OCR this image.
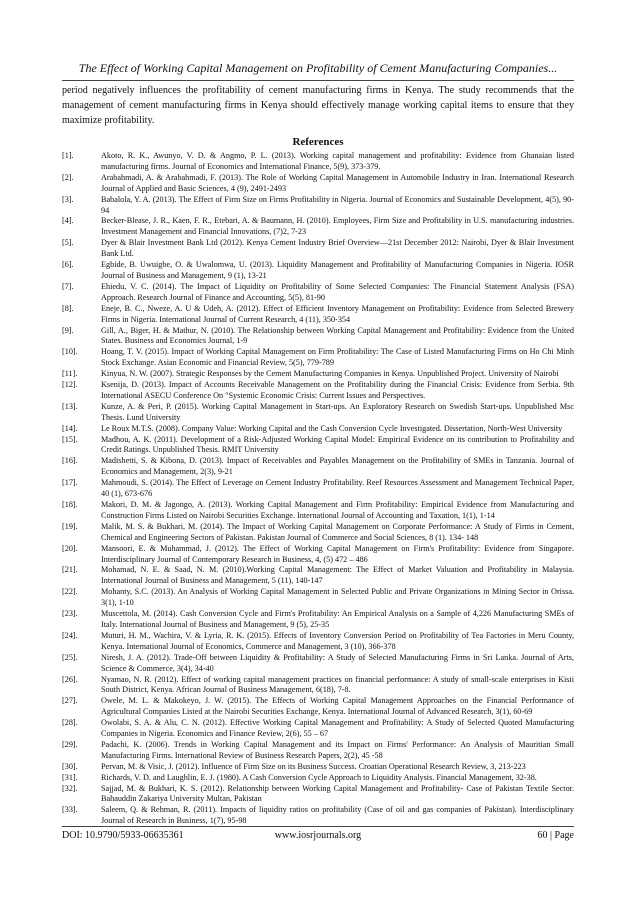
The Effect of Working Capital Management on Profitability of Cement Manufacturing Companies...
period negatively influences the profitability of cement manufacturing firms in Kenya. The study recommends that the management of cement manufacturing firms in Kenya should effectively manage working capital items to ensure that they maximize profitability.
References
[1].	Akoto, R. K., Awunyo, V. D. & Angmo, P. L. (2013). Working capital management and profitability: Evidence from Ghanaian listed manufacturing firms. Journal of Economics and International Finance, 5(9), 373-379.
[2].	Arabahmadi, A. & Arabahmadi, F. (2013). The Role of Working Capital Management in Automobile Industry in Iran. International Research Journal of Applied and Basic Sciences, 4 (9), 2491-2493
[3].	Babalola, Y. A. (2013). The Effect of Firm Size on Firms Profitability in Nigeria. Journal of Economics and Sustainable Development, 4(5), 90-94
[4].	Becker-Blease, J. R., Kaen, F. R., Etebari, A. & Baumann, H. (2010). Employees, Firm Size and Profitability in U.S. manufacturing industries. Investment Management and Financial Innovations, (7)2, 7-23
[5].	Dyer & Blair Investment Bank Ltd (2012). Kenya Cement Industry Brief Overview—21st December 2012: Nairobi, Dyer & Blair Investment Bank Ltd.
[6].	Egbide, B. Uwuigbe, O. & Uwalomwa, U. (2013). Liquidity Management and Profitability of Manufacturing Companies in Nigeria. IOSR Journal of Business and Management, 9 (1), 13-21
[7].	Ehiedu, V. C. (2014). The Impact of Liquidity on Profitability of Some Selected Companies: The Financial Statement Analysis (FSA) Approach. Research Journal of Finance and Accounting, 5(5), 81-90
[8].	Eneje, B. C., Nweze, A. U & Udeh, A. (2012). Effect of Efficient Inventory Management on Profitability: Evidence from Selected Brewery Firms in Nigeria. International Journal of Current Research, 4 (11), 350-354
[9].	Gill, A., Biger, H. & Mathur, N. (2010). The Relationship between Working Capital Management and Profitability: Evidence from the United States. Business and Economics Journal, 1-9
[10].	Hoang, T. V. (2015). Impact of Working Capital Management on Firm Profitability: The Case of Listed Manufacturing Firms on Ho Chi Minh Stock Exchange. Asian Economic and Financial Review, 5(5), 779-789
[11].	Kinyua, N. W. (2007). Strategic Responses by the Cement Manufacturing Companies in Kenya. Unpublished Project. University of Nairobi
[12].	Ksenija, D. (2013). Impact of Accounts Receivable Management on the Profitability during the Financial Crisis: Evidence from Serbia. 9th International ASECU Conference On "Systemic Economic Crisis: Current Issues and Perspectives.
[13].	Kunze, A. & Peri, P. (2015). Working Capital Management in Start-ups. An Exploratory Research on Swedish Start-ups. Unpublished Msc Thesis. Lund University
[14].	Le Roux M.T.S. (2008). Company Value: Working Capital and the Cash Conversion Cycle Investigated. Dissertation, North-West University
[15].	Madhou, A. K. (2011). Development of a Risk-Adjusted Working Capital Model: Empirical Evidence on its contribution to Profitability and Credit Ratings. Unpublished Thesis. RMIT University
[16].	Madishetti, S. & Kibona, D. (2013). Impact of Receivables and Payables Management on the Profitability of SMEs in Tanzania. Journal of Economics and Management, 2(3), 9-21
[17].	Mahmoudi, S. (2014). The Effect of Leverage on Cement Industry Profitability. Reef Resources Assessment and Management Technical Paper, 40 (1), 673-676
[18].	Makori, D. M. & Jagongo, A. (2013). Working Capital Management and Firm Profitability: Empirical Evidence from Manufacturing and Construction Firms Listed on Nairobi Securities Exchange. International Journal of Accounting and Taxation, 1(1), 1-14
[19].	Malik, M. S. & Bukhari, M. (2014). The Impact of Working Capital Management on Corporate Performance: A Study of Firms in Cement, Chemical and Engineering Sectors of Pakistan. Pakistan Journal of Commerce and Social Sciences, 8 (1). 134- 148
[20].	Mansoori, E. & Muhammad, J. (2012). The Effect of Working Capital Management on Firm's Profitability: Evidence from Singapore. Interdisciplinary Journal of Contemporary Research in Business, 4, (5) 472 – 486
[21].	Mohamad, N. E. & Saad, N. M. (2010).Working Capital Management: The Effect of Market Valuation and Profitability in Malaysia. International Journal of Business and Management, 5 (11), 140-147
[22].	Mohanty, S.C. (2013). An Analysis of Working Capital Management in Selected Public and Private Organizations in Mining Sector in Orissa. 3(1), 1-10
[23].	Muscettola, M. (2014). Cash Conversion Cycle and Firm's Profitability: An Empirical Analysis on a Sample of 4,226 Manufacturing SMEs of Italy. International Journal of Business and Management, 9 (5), 25-35
[24].	Muturi, H. M., Wachira, V. & Lyria, R. K. (2015). Effects of Inventory Conversion Period on Profitability of Tea Factories in Meru County, Kenya. International Journal of Economics, Commerce and Management, 3 (10), 366-378
[25].	Niresh, J. A. (2012). Trade-Off between Liquidity & Profitability: A Study of Selected Manufacturing Firms in Sri Lanka. Journal of Arts, Science & Commerce, 3(4), 34-40
[26].	Nyamao, N. R. (2012). Effect of working capital management practices on financial performance: A study of small-scale enterprises in Kisii South District, Kenya. African Journal of Business Management, 6(18), 7-8.
[27].	Owele, M. L. & Makokeyo, J. W. (2015). The Effects of Working Capital Management Approaches on the Financial Performance of Agricultural Companies Listed at the Nairobi Securities Exchange, Kenya. International Journal of Advanced Research, 3(1), 60-69
[28].	Owolabi, S. A. & Alu, C. N. (2012). Effective Working Capital Management and Profitability: A Study of Selected Quoted Manufacturing Companies in Nigeria. Economics and Finance Review, 2(6), 55 – 67
[29].	Padachi, K. (2006). Trends in Working Capital Management and its Impact on Firms' Performance: An Analysis of Mauritian Small Manufacturing Firms. International Review of Business Research Papers, 2(2), 45 -58
[30].	Pervan, M. & Visic, J. (2012). Influence of Firm Size on its Business Success. Croatian Operational Research Review, 3, 213-223
[31].	Richards, V. D. and Laughlin, E. J. (1980). A Cash Conversion Cycle Approach to Liquidity Analysis. Financial Management, 32-38.
[32].	Sajjad, M. & Bukhari, K. S. (2012). Relationship between Working Capital Management and Profitability- Case of Pakistan Textile Sector. Bahauddin Zakariya University Multan, Pakistan
[33].	Saleem, Q. & Rehman, R. (2011). Impacts of liquidity ratios on profitability (Case of oil and gas companies of Pakistan). Interdisciplinary Journal of Research in Business, 1(7), 95-98
DOI: 10.9790/5933-06635361	www.iosrjournals.org	60 | Page
